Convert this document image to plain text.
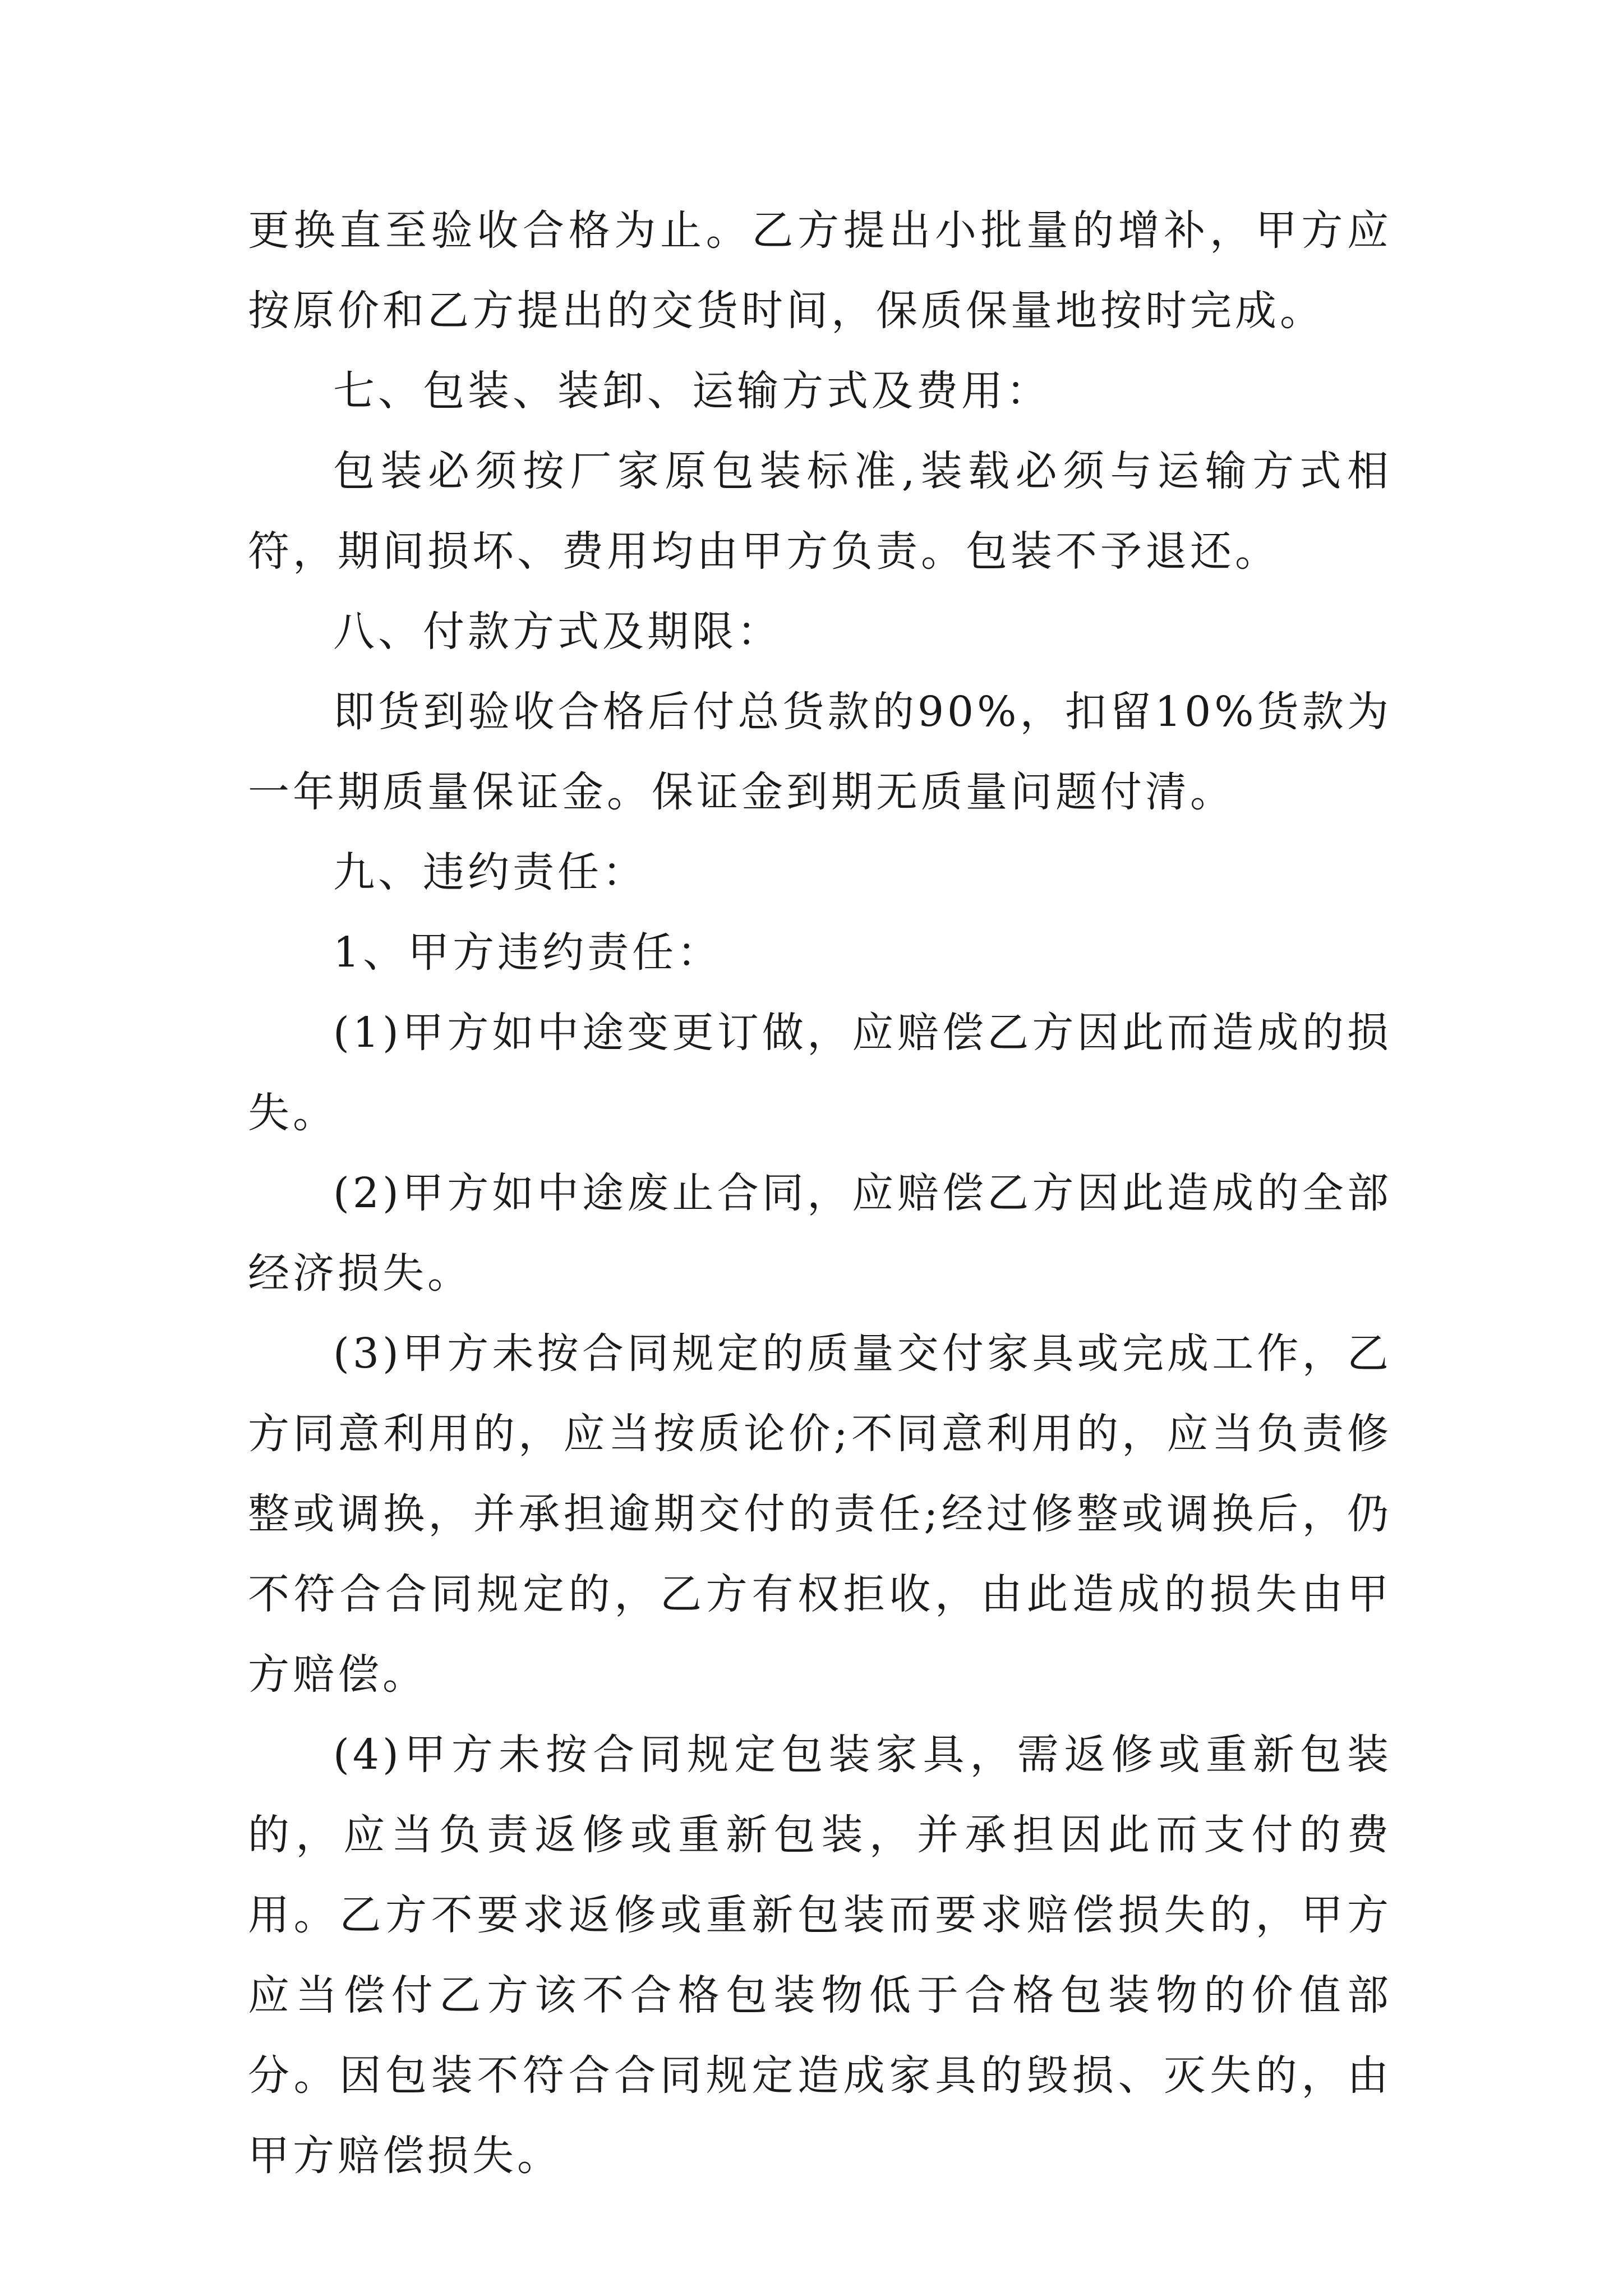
更换直至验收合格为止。乙方提出小批量的增补，甲方应按原价和乙方提出的交货时间，保质保量地按时完成。

七、包装、装卸、运输方式及费用：

包装必须按厂家原包装标准,装载必须与运输方式相符，期间损坏、费用均由甲方负责。包装不予退还。

八、付款方式及期限：

即货到验收合格后付总货款的90%，扣留10%货款为一年期质量保证金。保证金到期无质量问题付清。

九、违约责任：

1、甲方违约责任：

(1)甲方如中途变更订做，应赔偿乙方因此而造成的损失。

(2)甲方如中途废止合同，应赔偿乙方因此造成的全部经济损失。

(3)甲方未按合同规定的质量交付家具或完成工作，乙方同意利用的，应当按质论价;不同意利用的，应当负责修整或调换，并承担逾期交付的责任;经过修整或调换后，仍不符合合同规定的，乙方有权拒收，由此造成的损失由甲方赔偿。

(4)甲方未按合同规定包装家具，需返修或重新包装的，应当负责返修或重新包装，并承担因此而支付的费用。乙方不要求返修或重新包装而要求赔偿损失的，甲方应当偿付乙方该不合格包装物低于合格包装物的价值部分。因包装不符合合同规定造成家具的毁损、灭失的，由甲方赔偿损失。
